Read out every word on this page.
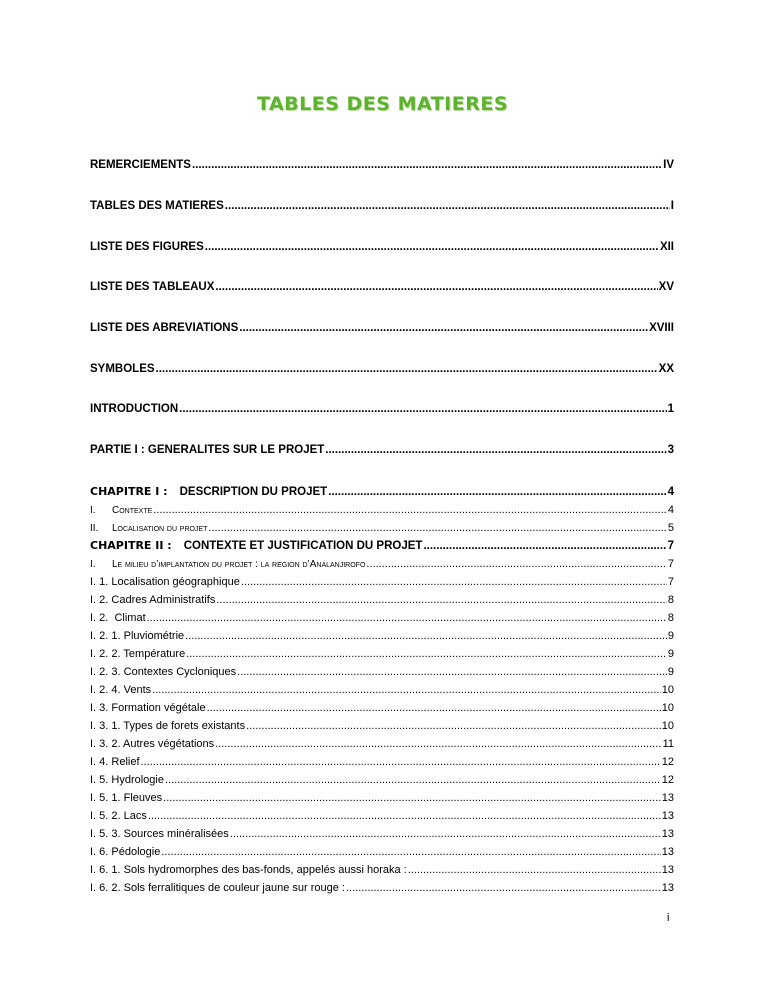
TABLES DES MATIERES
REMERCIEMENTS .....	IV
TABLES DES MATIERES .....	I
LISTE DES FIGURES .....	XII
LISTE DES TABLEAUX .....	XV
LISTE DES ABREVIATIONS .....	XVIII
SYMBOLES .....	XX
INTRODUCTION .....	1
PARTIE I : GENERALITES SUR LE PROJET .....	3
CHAPITRE I : DESCRIPTION DU PROJET .....	4
I. Contexte .....	4
II. Localisation du projet .....	5
CHAPITRE II : CONTEXTE ET JUSTIFICATION DU PROJET .....	7
I. Le milieu d’implantation du projet : la region d’Analanjirofo .....	7
I. 1. Localisation géographique .....	7
I. 2. Cadres Administratifs .....	8
I. 2.  Climat .....	8
I. 2. 1. Pluviométrie .....	9
I. 2. 2. Température .....	9
I. 2. 3. Contextes Cycloniques .....	9
I. 2. 4. Vents .....	10
I. 3. Formation végétale .....	10
I. 3. 1. Types de forets existants .....	10
I. 3. 2. Autres végétations .....	11
I. 4. Relief .....	12
I. 5. Hydrologie .....	12
I. 5. 1. Fleuves .....	13
I. 5. 2. Lacs .....	13
I. 5. 3. Sources minéralisées .....	13
I. 6. Pédologie .....	13
I. 6. 1. Sols hydromorphes des bas-fonds, appelés aussi horaka : .....	13
I. 6. 2. Sols ferralitiques de couleur jaune sur rouge : .....	13
i
